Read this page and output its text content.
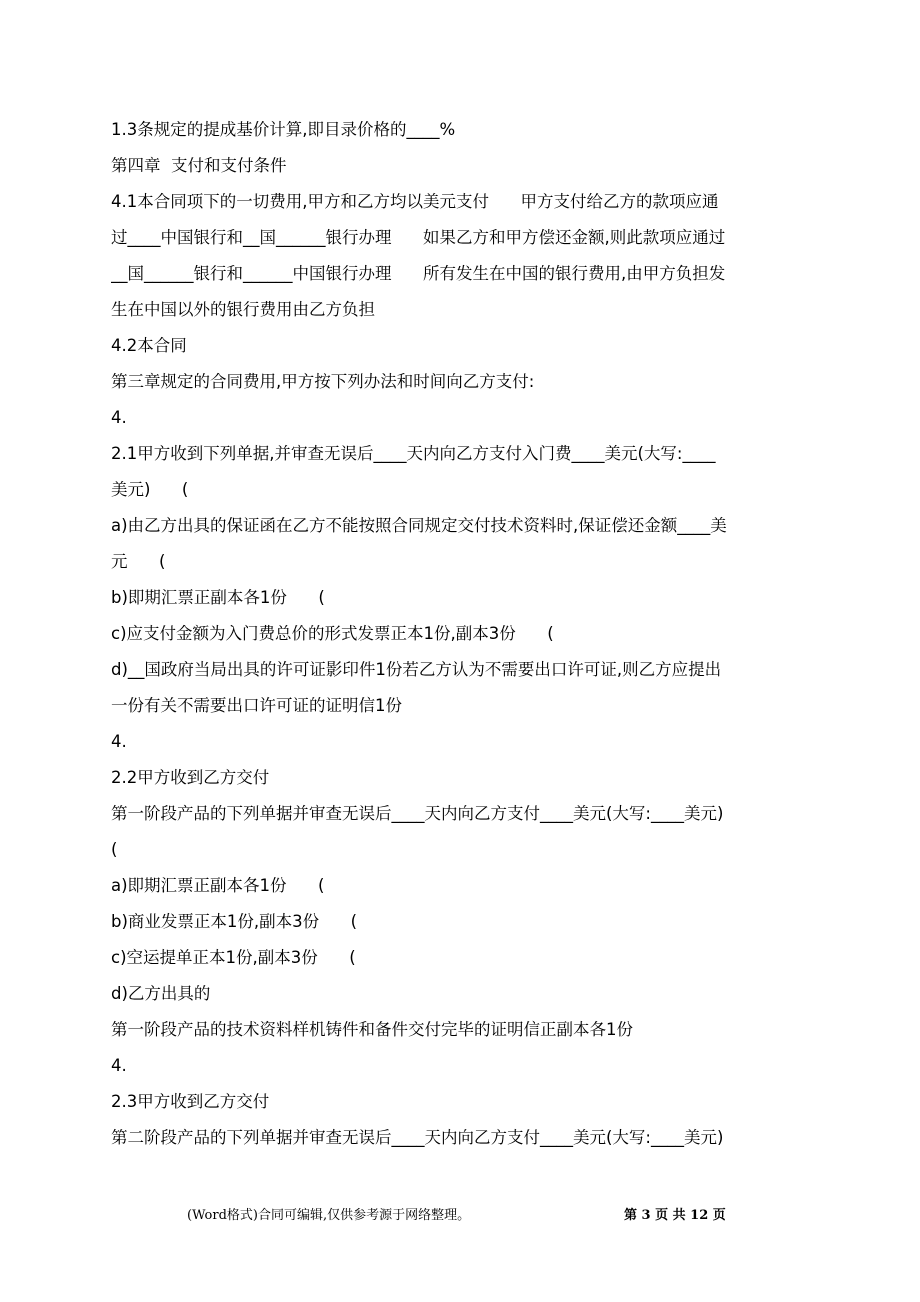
1.3条规定的提成基价计算,即目录价格的____%
第四章  支付和支付条件
4.1本合同项下的一切费用,甲方和乙方均以美元支付      甲方支付给乙方的款项应通
过____中国银行和__国______银行办理      如果乙方和甲方偿还金额,则此款项应通过
__国______银行和______中国银行办理      所有发生在中国的银行费用,由甲方负担发
生在中国以外的银行费用由乙方负担
4.2本合同
第三章规定的合同费用,甲方按下列办法和时间向乙方支付:
4.
2.1甲方收到下列单据,并审查无误后____天内向乙方支付入门费____美元(大写:____
美元)      (
a)由乙方出具的保证函在乙方不能按照合同规定交付技术资料时,保证偿还金额____美
元      (
b)即期汇票正副本各1份      (
c)应支付金额为入门费总价的形式发票正本1份,副本3份      (
d)__国政府当局出具的许可证影印件1份若乙方认为不需要出口许可证,则乙方应提出
一份有关不需要出口许可证的证明信1份
4.
2.2甲方收到乙方交付
第一阶段产品的下列单据并审查无误后____天内向乙方支付____美元(大写:____美元)
(
a)即期汇票正副本各1份      (
b)商业发票正本1份,副本3份      (
c)空运提单正本1份,副本3份      (
d)乙方出具的
第一阶段产品的技术资料样机铸件和备件交付完毕的证明信正副本各1份
4.
2.3甲方收到乙方交付
第二阶段产品的下列单据并审查无误后____天内向乙方支付____美元(大写:____美元)
(Word格式)合同可编辑,仅供参考源于网络整理。	第 3 页 共 12 页
